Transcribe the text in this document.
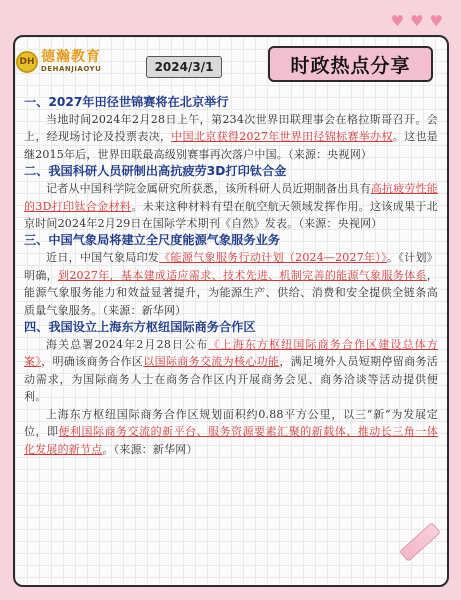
♥ ♥ ♥
DH 德瀚教育
DEHANJIAOYU	2024/3/1	时政热点分享
一、2027年田径世锦赛将在北京举行

当地时间2024年2月28日上午，第234次世界田联理事会在格拉斯哥召开。会上，经现场讨论及投票表决，中国北京获得2027年世界田径锦标赛举办权。这也是继2015年后，世界田联最高级别赛事再次落户中国。（来源：央视网）

二、我国科研人员研制出高抗疲劳3D打印钛合金

记者从中国科学院金属研究所获悉，该所科研人员近期制备出具有高抗疲劳性能的3D打印钛合金材料。未来这种材料有望在航空航天领域发挥作用。这该成果于北京时间2024年2月29日在国际学术期刊《自然》发表。（来源：央视网）

三、中国气象局将建立全尺度能源气象服务业务

近日，中国气象局印发《能源气象服务行动计划（2024—2027年）》。《计划》明确，到2027年，基本建成适应需求、技术先进、机制完善的能源气象服务体系，能源气象服务能力和效益显著提升，为能源生产、供给、消费和安全提供全链条高质量气象服务。（来源：新华网）

四、我国设立上海东方枢纽国际商务合作区

海关总署2024年2月28日公布《上海东方枢纽国际商务合作区建设总体方案》，明确该商务合作区以国际商务交流为核心功能，满足境外人员短期停留商务活动需求，为国际商务人士在商务合作区内开展商务会见、商务洽谈等活动提供便利。

上海东方枢纽国际商务合作区规划面积约0.88平方公里，以三“新”为发展定位，即便利国际商务交流的新平台、服务资源要素汇聚的新载体、推动长三角一体化发展的新节点。（来源：新华网）
